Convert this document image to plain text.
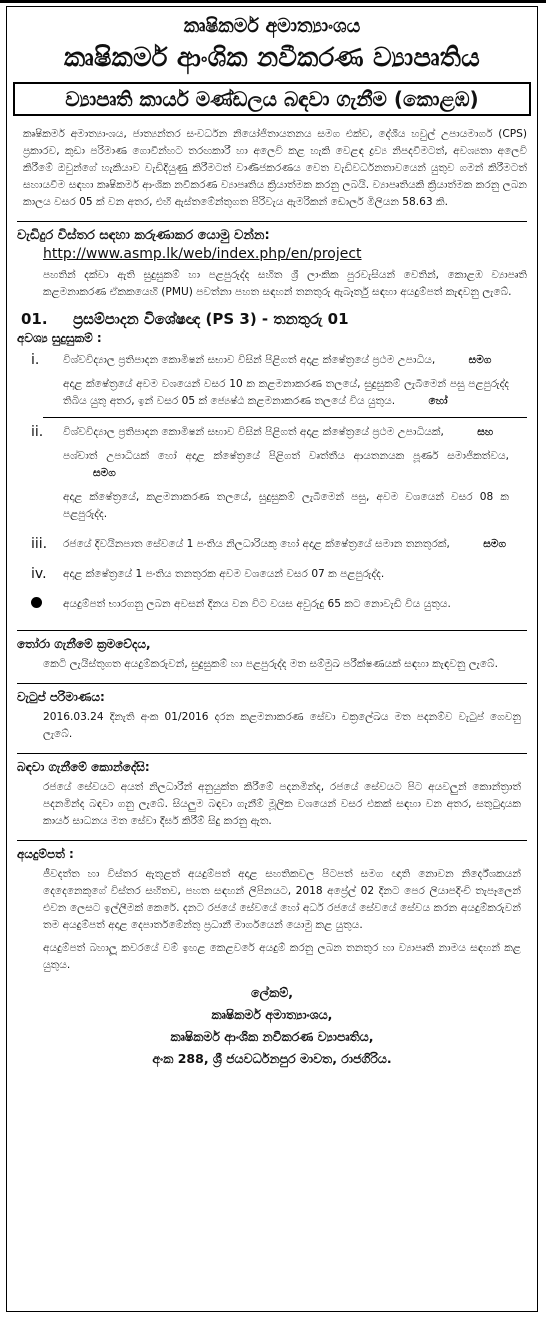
කෘෂිකර්ම අමාත්‍යාංශය
කෘෂිකර්ම ආංශික නවීකරණ ව්‍යාපෘතිය
ව්‍යාපෘති කාර්ය මණ්ඩලය බඳවා ගැනීම (කොළඹ)
කෘෂිකර්ම අමාත්‍යාංශය, ජාත්‍යන්තර සංවර්ධන නියෝජිතායතනය සමග එක්ව, දේශීය හවුල් උපායමාර්ග (CPS) ප්‍රකාරව, කුඩා පරිමාණ ගොවීන්හට තරඟකාරී හා අලෙවි කළ හැකි වෙළඳ ද්‍රව්‍ය නිපදවීමටත්, අවශ්‍යතා අලෙවි කිරීමේ ඔවුන්ගේ හැකියාව වැඩිදියුණු කිරීමටත් වාණිජකරණය වෙත වැඩිවර්ධනතාවයෙන් යුතුව ගමන් කිරීමටත් සහායවීම සඳහා කෘෂිකර්ම ආංශික නවීකරණ ව්‍යාපෘතිය ක්‍රියාත්මක කරනු ලබයි. ව්‍යාපෘතියකි ක්‍රියාත්මක කරනු ලබන කාලය වසර 05 ක් වන අතර, එහි ඇස්තමේන්තුගත පිරිවැය ඇමරිකන් ඩොලර් මිලියන 58.63 කි.
වැඩිදුර විස්තර සඳහා කරුණාකර යොමු වන්න:
http://www.asmp.lk/web/index.php/en/project
පහතින් දක්වා ඇති සුදුසුකම් හා පළපුරුද්ද සහිත ශ්‍රී ලාංකික පුරවැසියන් වෙතින්, කොළඹ ව්‍යාපෘති කළමනාකරණ ඒකකයෙහි (PMU) පවත්නා පහත සඳහන් තනතුරු ඇබෑර්තු සඳහා අයදුම්පත් කැඳවනු ලැබේ.
01.	ප්‍රසම්පාදන විශේෂඥ (PS 3) - තනතුරු 01
අවශ්‍ය සුදුසුකම් :
i.	විශ්වවිද්‍යාල ප්‍රතිපාදන කොමිෂන් සභාව විසින් පිළිගත් අදාළ ක්ෂේත්‍රයේ ප්‍රථම උපාධිය,	සමග

අදාළ ක්ෂේත්‍රයේ අවම වශයෙන් වසර 10 ක කළමනාකරණ තලයේ, සුදුසුකම් ලැබීමෙන් පසු පළපුරුද්ද තිබිය යුතු අතර, ඉන් වසර 05 ක් ජ්‍යෙෂ්ඨ කළමනාකරණ තලයේ විය යුතුය.	හෝ

ii.	විශ්වවිද්‍යාල ප්‍රතිපාදන කොමිෂන් සභාව විසින් පිළිගත් අදාළ ක්ෂේත්‍රයේ ප්‍රථම උපාධියක්,	සහ

පශ්චාත් උපාධියක් හෝ අදාළ ක්ෂේත්‍රයේ පිළිගත් වෘත්තීය ආයතනයක පූර්ණ සමාජිකත්වය, සමග

අදාළ ක්ෂේත්‍රයේ, කළමනාකරණ තලයේ, සුදුසුකම් ලැබීමෙන් පසු, අවම වශයෙන් වසර 08 ක පළපුරුද්ද.

iii.	රජයේ දිවයිනපාත සේවයේ 1 පංතිය නිලධාරියකු හෝ අදාළ ක්ෂේත්‍රයේ සමාන තනතුරක්,	සමග

iv.	අදාළ ක්ෂේත්‍රයේ 1 පංතිය තනතුරක අවම වශයෙන් වසර 07 ක පළපුරුද්ද.

අයදුම්පත් භාරගනු ලබන අවසන් දිනය වන විට වයස අවුරුදු 65 කට නොවැඩි විය යුතුය.

තෝරා ගැනීමේ ක්‍රමවේදය,
කෙටි ලැයිස්තුගත අයදුම්කරුවන්, සුදුසුකම් හා පළපුරුද්ද මත සම්මුඛ පරීක්ෂණයක් සඳහා කැඳවනු ලැබේ.
වැටුප් පරිමාණය:
2016.03.24 දිනැති අංක 01/2016 දරන කළමනාකරණ සේවා චක්‍රලේඛය මත පදනම්ව වැටුප් ගෙවනු ලැබේ.
බඳවා ගැනීමේ කොන්දේසි:
රජයේ සේවයට අයත් නිලධාරීන් අනුයුක්ත කිරීමේ පදනමින්ද, රජයේ සේවයට පිට අයවලුන් කොන්ත්‍රාත් පදනමින්ද බඳවා ගනු ලැබේ. සියලුම බඳවා ගැනීම් මූලික වශයෙන් වසර එකක් සඳහා වන අතර, සතුටුදායක කාර්ය සාධනය මත සේවා දීර්ඝ කිරීම් සිදු කරනු ඇත.
අයදුම්පත් :

ජීවදත්ත හා විස්තර ඇතුළත් අයදුම්පත් අදාළ සහතිකවල පිටපත් සමග ඥාති නොවන නිර්දේශකයන් දෙදෙනෙකුගේ විස්තර සහිතව, පහත සඳහන් ලිපිනයට, 2018 අප්‍රේල් 02 දිනට පෙර ලියාපදිංචි තැපෑලෙන් එවන ලෙසට ඉල්ලීමක් කෙරේ. දනට රජයේ සේවයේ හෝ අර්ධ රජයේ සේවයේ සේවය කරන අයදුම්කරුවන් තම අයදුම්පත් අදාළ දෙපාර්තමේන්තු ප්‍රධානී මාර්ගයෙන් යොමු කළ යුතුය.

අයදුම්පත් බහාලූ කවරයේ වම් ඉහළ කෙළවරේ අයදුම් කරනු ලබන තනතුර හා ව්‍යාපෘති නාමය සඳහන් කළ යුතුය.

ලේකම්,
කෘෂිකර්ම අමාත්‍යාංශය,
කෘෂිකර්ම ආංශික නවීකරණ ව්‍යාපෘතිය,
අංක 288, ශ්‍රී ජයවර්ධනපුර මාවත, රාජගිරිය.
